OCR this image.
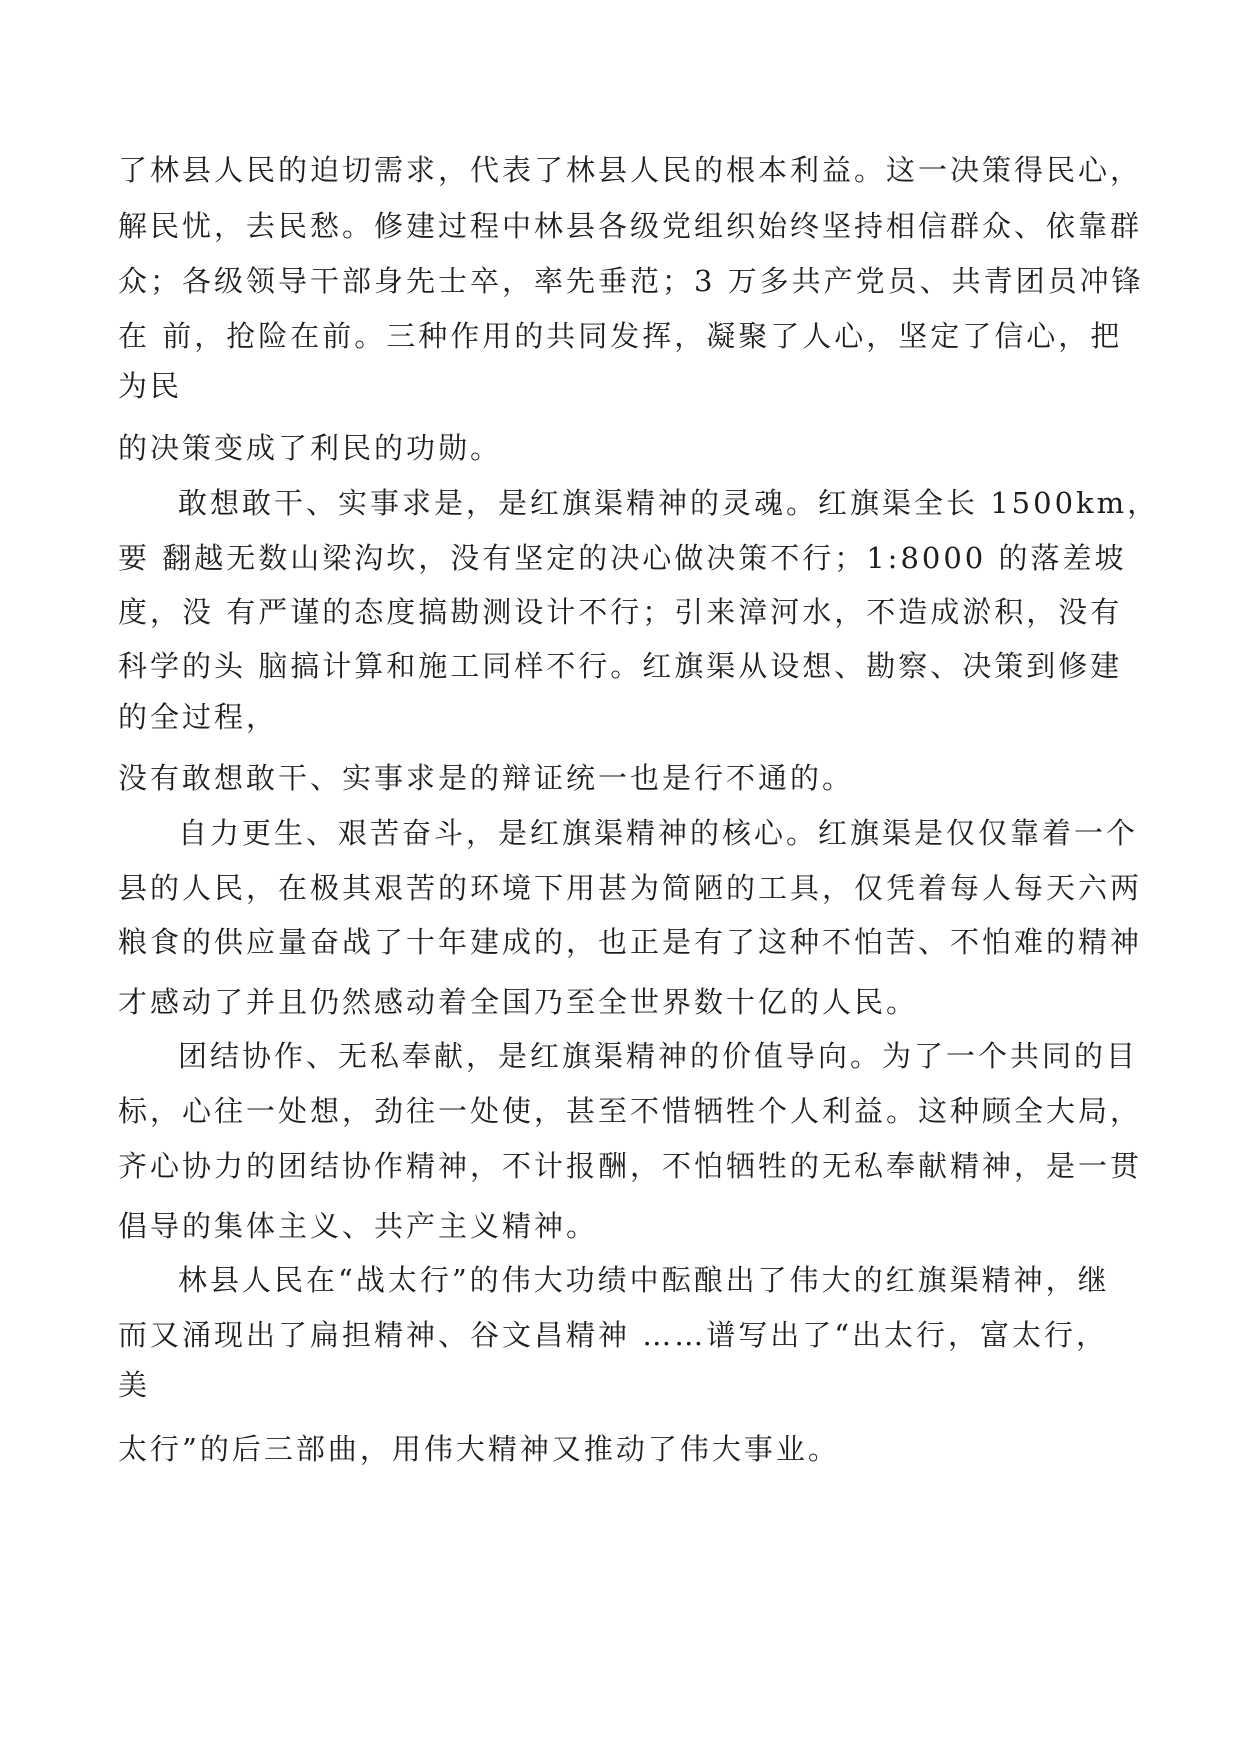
了林县人民的迫切需求，代表了林县人民的根本利益。这一决策得民心，

解民忧，去民愁。修建过程中林县各级党组织始终坚持相信群众、依靠群

众；各级领导干部身先士卒，率先垂范；3 万多共产党员、共青团员冲锋

在 前，抢险在前。三种作用的共同发挥，凝聚了人心，坚定了信心，把

为民

的决策变成了利民的功勋。

敢想敢干、实事求是，是红旗渠精神的灵魂。红旗渠全长 1500km，

要 翻越无数山梁沟坎，没有坚定的决心做决策不行；1:8000 的落差坡

度，没 有严谨的态度搞勘测设计不行；引来漳河水，不造成淤积，没有

科学的头 脑搞计算和施工同样不行。红旗渠从设想、勘察、决策到修建

的全过程，

没有敢想敢干、实事求是的辩证统一也是行不通的。

自力更生、艰苦奋斗，是红旗渠精神的核心。红旗渠是仅仅靠着一个

县的人民，在极其艰苦的环境下用甚为简陋的工具，仅凭着每人每天六两

粮食的供应量奋战了十年建成的，也正是有了这种不怕苦、不怕难的精神

才感动了并且仍然感动着全国乃至全世界数十亿的人民。

团结协作、无私奉献，是红旗渠精神的价值导向。为了一个共同的目

标，心往一处想，劲往一处使，甚至不惜牺牲个人利益。这种顾全大局，

齐心协力的团结协作精神，不计报酬，不怕牺牲的无私奉献精神，是一贯

倡导的集体主义、共产主义精神。

林县人民在“战太行”的伟大功绩中酝酿出了伟大的红旗渠精神，继

而又涌现出了扁担精神、谷文昌精神 ……谱写出了“出太行，富太行，

美

太行”的后三部曲，用伟大精神又推动了伟大事业。
